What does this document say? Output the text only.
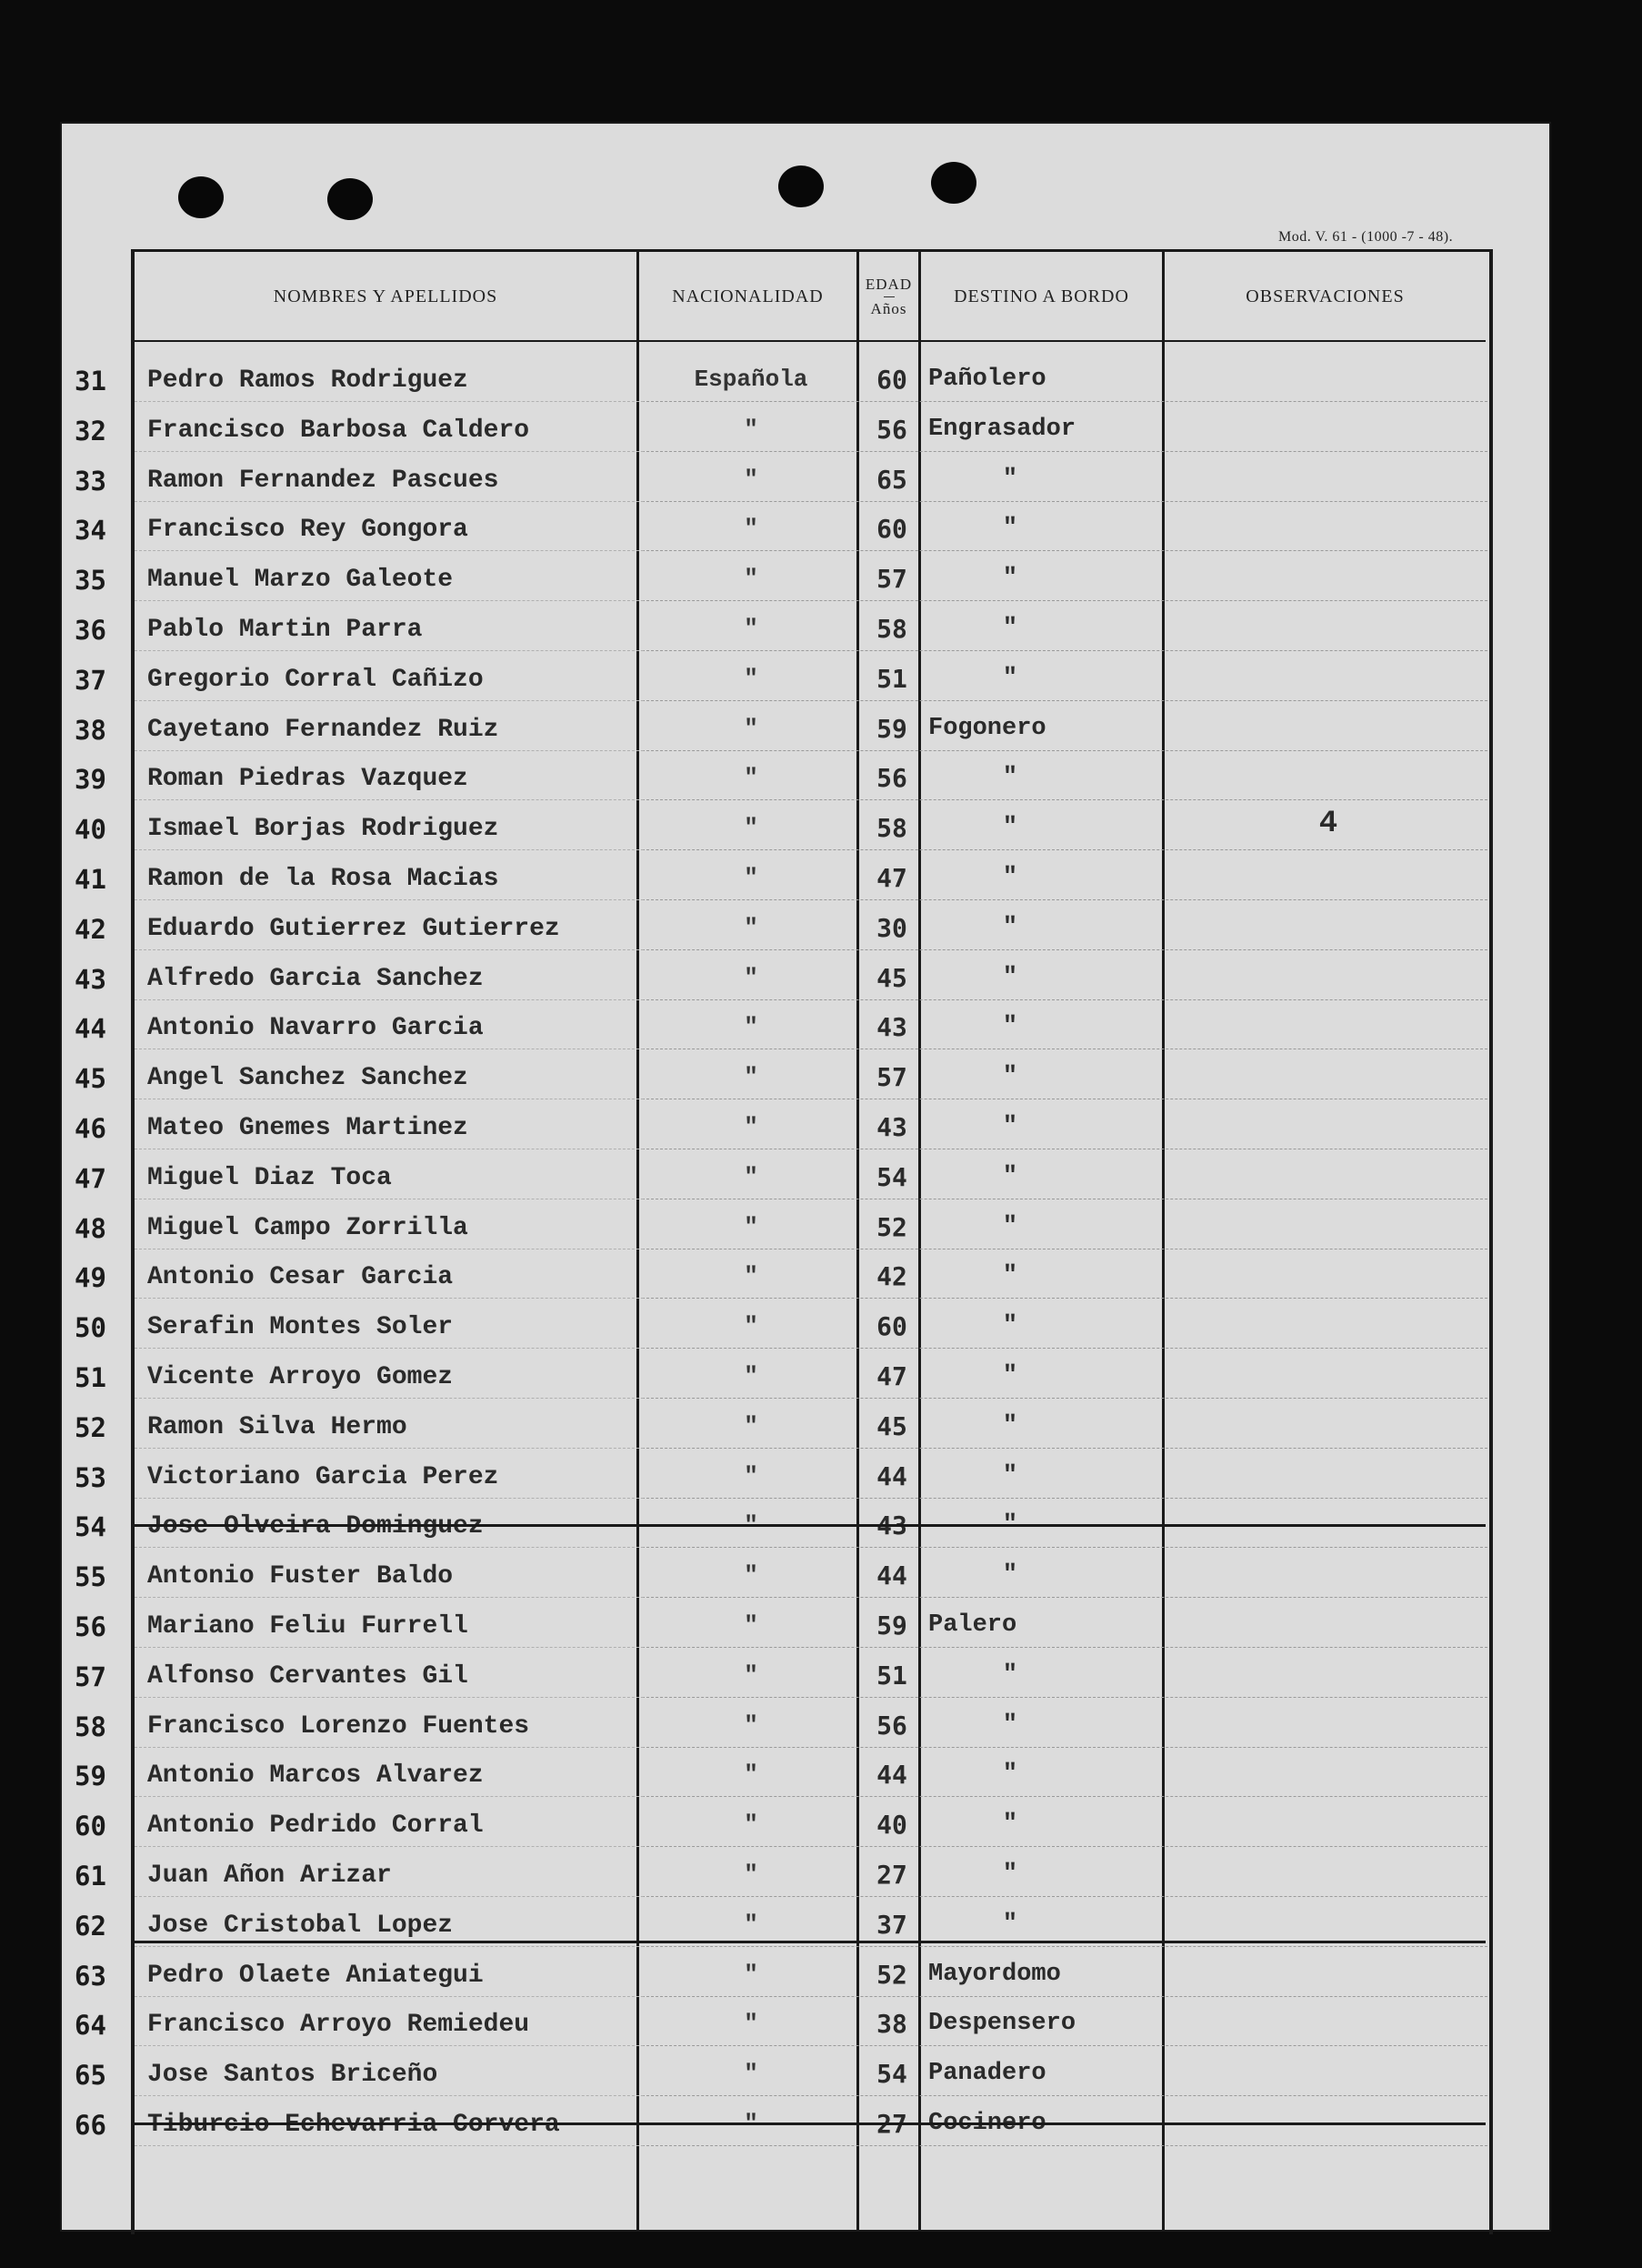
Mod. V. 61 - (1000 -7 - 48).
NOMBRES Y APELLIDOS	NACIONALIDAD
EDAD
Años
DESTINO A BORDO	OBSERVACIONES
31	Pedro Ramos Rodriguez	Española	60 Pañolero
32	Francisco Barbosa Caldero	"	56 Engrasador
33	Ramon Fernandez Pascues	"	65	"
34	Francisco Rey Gongora	"	60	"
35	Manuel Marzo Galeote	"	57	"
36	Pablo Martin Parra	"	58	"
37	Gregorio Corral Cañizo	"	51	"
38	Cayetano Fernandez Ruiz	"	59 Fogonero
39	Roman Piedras Vazquez	"	56	"
40	Ismael Borjas Rodriguez	"	58	"	4
41	Ramon de la Rosa Macias	"	47	"
42	Eduardo Gutierrez Gutierrez	"	30	"
43	Alfredo Garcia Sanchez	"	45	"
44	Antonio Navarro Garcia	"	43	"
45	Angel Sanchez Sanchez	"	57	"
46	Mateo Gnemes Martinez	"	43	"
47	Miguel Diaz Toca	"	54	"
48	Miguel Campo Zorrilla	"	52	"
49	Antonio Cesar Garcia	"	42	"
50	Serafin Montes Soler	"	60	"
51	Vicente Arroyo Gomez	"	47	"
52	Ramon Silva Hermo	"	45	"
53	Victoriano Garcia Perez	"	44	"
54	Jose Olveira Dominguez	"	43	"
55	Antonio Fuster Baldo	"	44	"
56	Mariano Feliu Furrell	"	59 Palero
57	Alfonso Cervantes Gil	"	51	"
58	Francisco Lorenzo Fuentes	"	56	"
59	Antonio Marcos Alvarez	"	44	"
60	Antonio Pedrido Corral	"	40	"
61	Juan Añon Arizar	"	27	"
62	Jose Cristobal Lopez	"	37	"
63	Pedro Olaete Aniategui	"	52 Mayordomo
64	Francisco Arroyo Remiedeu	"	38 Despensero
65	Jose Santos Briceño	"	54 Panadero
66	Tiburcio Echevarria Corvera	"	27 Cocinero
